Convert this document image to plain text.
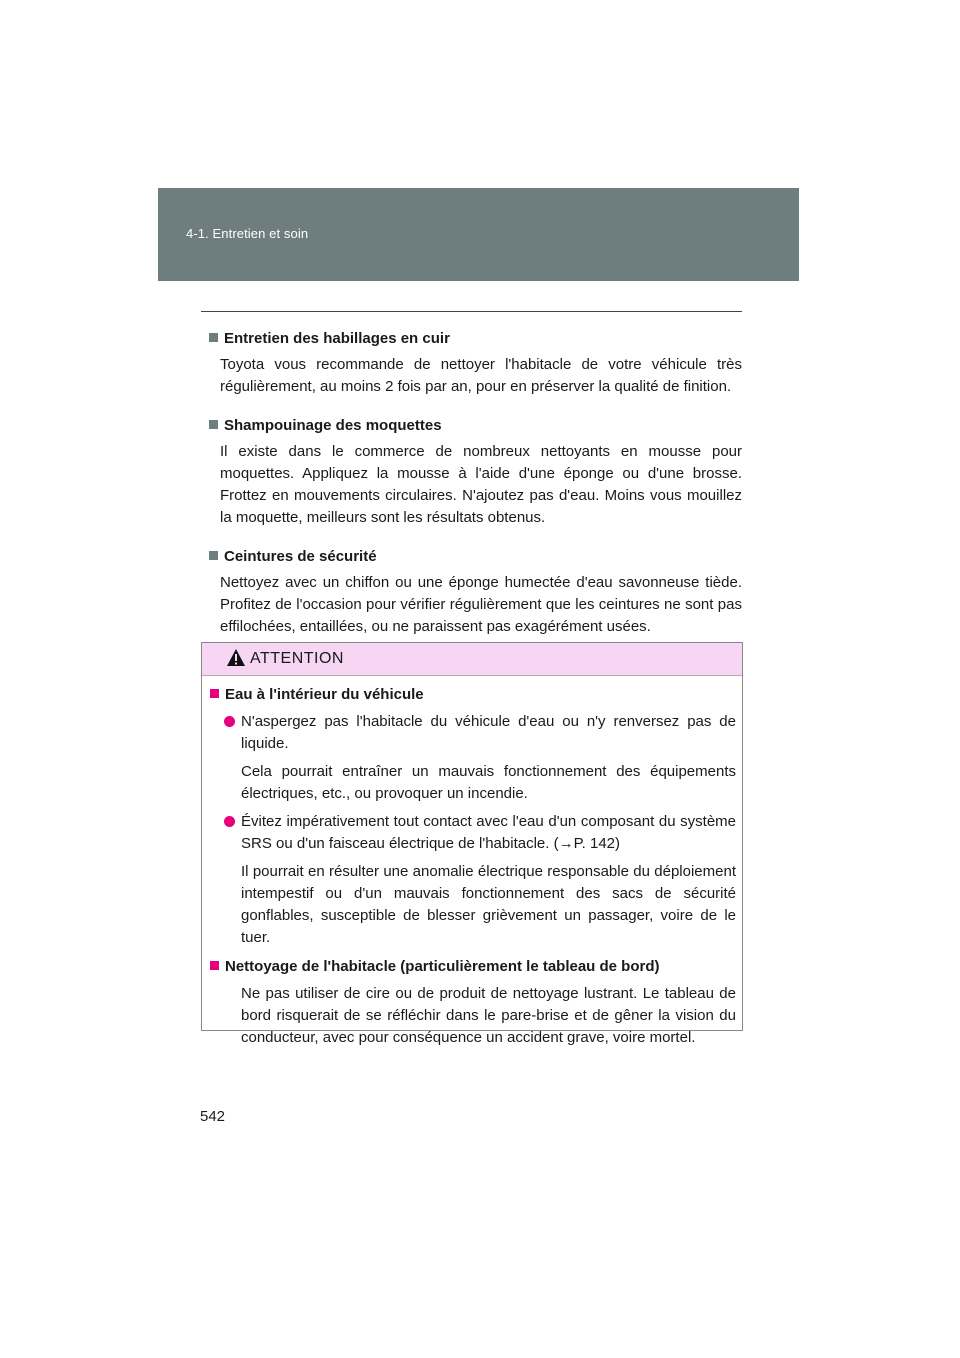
4-1. Entretien et soin
Entretien des habillages en cuir
Toyota vous recommande de nettoyer l'habitacle de votre véhicule très régulièrement, au moins 2 fois par an, pour en préserver la qualité de finition.
Shampouinage des moquettes
Il existe dans le commerce de nombreux nettoyants en mousse pour moquettes. Appliquez la mousse à l'aide d'une éponge ou d'une brosse. Frottez en mouvements circulaires. N'ajoutez pas d'eau. Moins vous mouillez la moquette, meilleurs sont les résultats obtenus.
Ceintures de sécurité
Nettoyez avec un chiffon ou une éponge humectée d'eau savonneuse tiède. Profitez de l'occasion pour vérifier régulièrement que les ceintures ne sont pas effilochées, entaillées, ou ne paraissent pas exagérément usées.
ATTENTION
Eau à l'intérieur du véhicule
N'aspergez pas l'habitacle du véhicule d'eau ou n'y renversez pas de liquide.
Cela pourrait entraîner un mauvais fonctionnement des équipements électriques, etc., ou provoquer un incendie.
Évitez impérativement tout contact avec l'eau d'un composant du système SRS ou d'un faisceau électrique de l'habitacle. (→P. 142)
Il pourrait en résulter une anomalie électrique responsable du déploiement intempestif ou d'un mauvais fonctionnement des sacs de sécurité gonflables, susceptible de blesser grièvement un passager, voire de le tuer.
Nettoyage de l'habitacle (particulièrement le tableau de bord)
Ne pas utiliser de cire ou de produit de nettoyage lustrant. Le tableau de bord risquerait de se réfléchir dans le pare-brise et de gêner la vision du conducteur, avec pour conséquence un accident grave, voire mortel.
542
